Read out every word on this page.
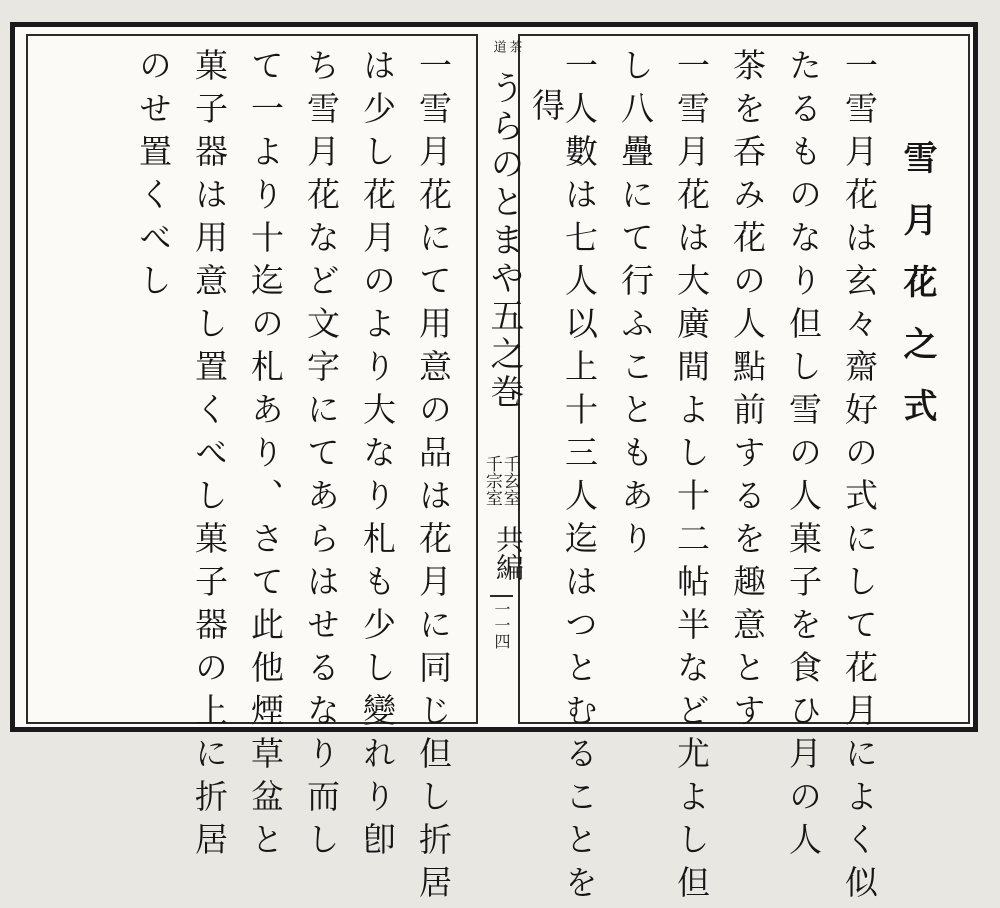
雪月花之式
一雪月花は玄々齋好の式にして花月によく似
たるものなり但し雪の人菓子を食ひ月の人
茶を呑み花の人點前するを趣意とす
一雪月花は大廣間よし十二帖半など尤よし但
し八疊にて行ふこともあり
一人數は七人以上十三人迄はつとむることを
得
茶
道
うらのとまや五之巻
千玄室
千宗室
共編
一一四
一雪月花にて用意の品は花月に同じ但し折居
は少し花月のより大なり札も少し變れり卽
ち雪月花など文字にてあらはせるなり而し
て一より十迄の札あり、さて此他煙草盆と
菓子器は用意し置くべし菓子器の上に折居
のせ置くべし
